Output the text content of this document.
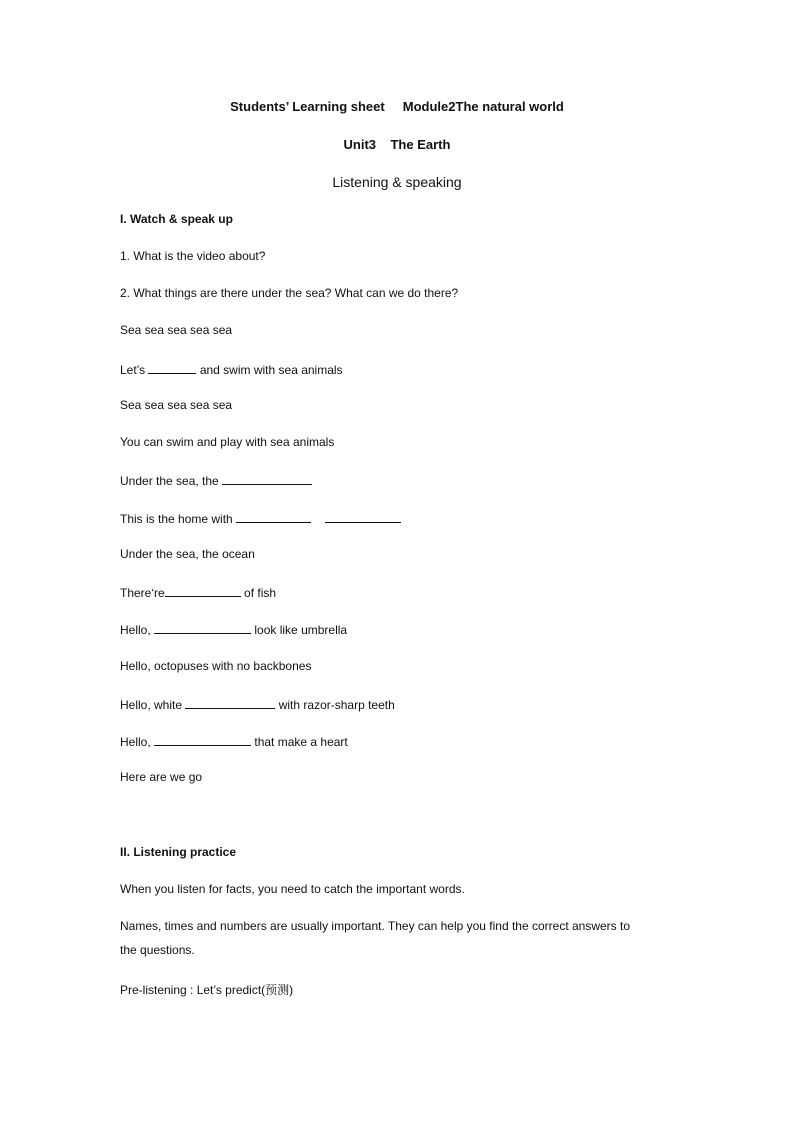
Students’ Learning sheet Module2The natural world
Unit3 The Earth
Listening & speaking
I. Watch & speak up
1. What is the video about?
2. What things are there under the sea? What can we do there?
Sea sea sea sea sea
Let’s	and swim with sea animals
Sea sea sea sea sea
You can swim and play with sea animals
Under the sea, the
This is the home with
Under the sea, the ocean
There‘re	of fish
Hello,	look like umbrella
Hello, octopuses with no backbones
Hello, white	with razor-sharp teeth
Hello,	that make a heart
Here are we go
II. Listening practice
When you listen for facts, you need to catch the important words.
Names, times and numbers are usually important. They can help you find the correct answers to
the questions.
Pre-listening : Let’s predict(预测)
